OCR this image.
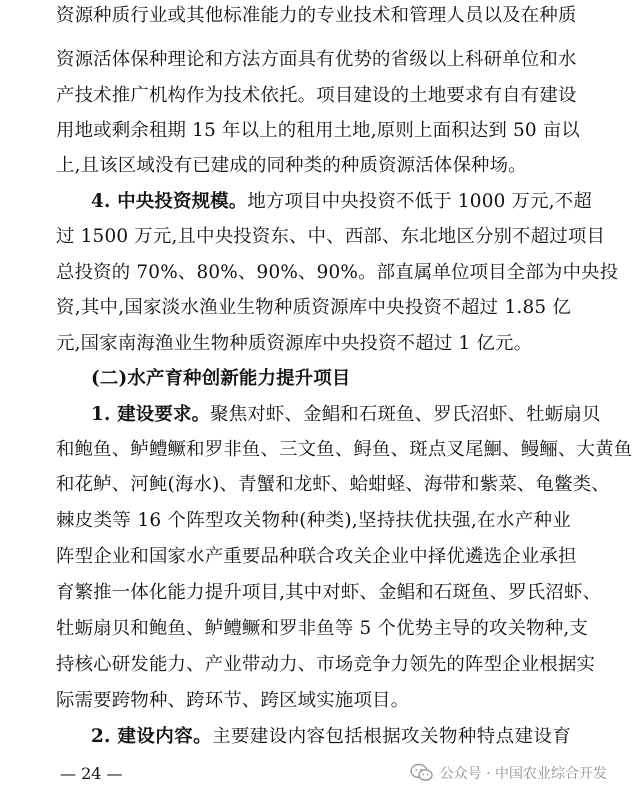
资源种质行业或其他标准能力的专业技术和管理人员以及在种质
资源活体保种理论和方法方面具有优势的省级以上科研单位和水
产技术推广机构作为技术依托。项目建设的土地要求有自有建设
用地或剩余租期 15 年以上的租用土地,原则上面积达到 50 亩以
上,且该区域没有已建成的同种类的种质资源活体保种场。
4. 中央投资规模。地方项目中央投资不低于 1000 万元,不超
过 1500 万元,且中央投资东、中、西部、东北地区分别不超过项目
总投资的 70%、80%、90%、90%。部直属单位项目全部为中央投
资,其中,国家淡水渔业生物种质资源库中央投资不超过 1.85 亿
元,国家南海渔业生物种质资源库中央投资不超过 1 亿元。
(二)水产育种创新能力提升项目
1. 建设要求。聚焦对虾、金鲳和石斑鱼、罗氏沼虾、牡蛎扇贝
和鲍鱼、鲈鳢鳜和罗非鱼、三文鱼、鲟鱼、斑点叉尾鮰、鳗鲡、大黄鱼
和花鲈、河鲀(海水)、青蟹和龙虾、蛤蚶蛏、海带和紫菜、龟鳖类、
棘皮类等 16 个阵型攻关物种(种类),坚持扶优扶强,在水产种业
阵型企业和国家水产重要品种联合攻关企业中择优遴选企业承担
育繁推一体化能力提升项目,其中对虾、金鲳和石斑鱼、罗氏沼虾、
牡蛎扇贝和鲍鱼、鲈鳢鳜和罗非鱼等 5 个优势主导的攻关物种,支
持核心研发能力、产业带动力、市场竞争力领先的阵型企业根据实
际需要跨物种、跨环节、跨区域实施项目。
2. 建设内容。主要建设内容包括根据攻关物种特点建设育
— 24 —	公众号 · 中国农业综合开发
